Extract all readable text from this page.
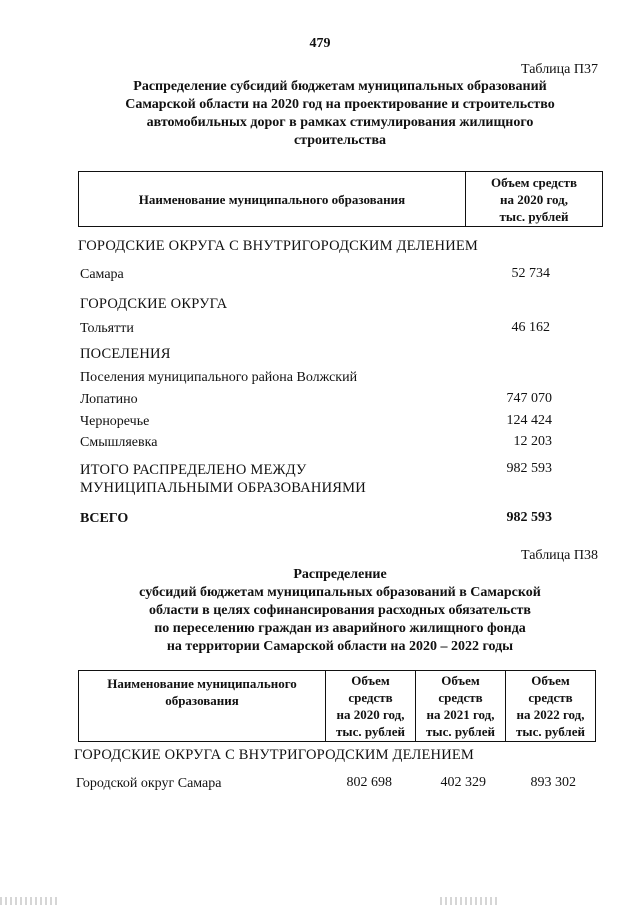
479
Таблица П37
Распределение субсидий бюджетам муниципальных образований
Самарской области на 2020 год на проектирование и строительство
автомобильных дорог в рамках стимулирования жилищного
строительства
Наименование муниципального образования	
Объем средств
на 2020 год,
тыс. рублей
ГОРОДСКИЕ ОКРУГА С ВНУТРИГОРОДСКИМ ДЕЛЕНИЕМ
Самара	52 734
ГОРОДСКИЕ ОКРУГА
Тольятти	46 162
ПОСЕЛЕНИЯ
Поселения муниципального района Волжский
Лопатино	747 070
Черноречье	124 424
Смышляевка	12 203
ИТОГО РАСПРЕДЕЛЕНО МЕЖДУ
МУНИЦИПАЛЬНЫМИ ОБРАЗОВАНИЯМИ
982 593
ВСЕГО	982 593
Таблица П38
Распределение
субсидий бюджетам муниципальных образований в Самарской
области в целях софинансирования расходных обязательств
по переселению граждан из аварийного жилищного фонда
на территории Самарской области на 2020 – 2022 годы
Наименование муниципального
образования

Объем
средств
на 2020 год,
тыс. рублей

Объем
средств
на 2021 год,
тыс. рублей

Объем
средств
на 2022 год,
тыс. рублей
ГОРОДСКИЕ ОКРУГА С ВНУТРИГОРОДСКИМ ДЕЛЕНИЕМ
Городской округ Самара	802 698	402 329	893 302
